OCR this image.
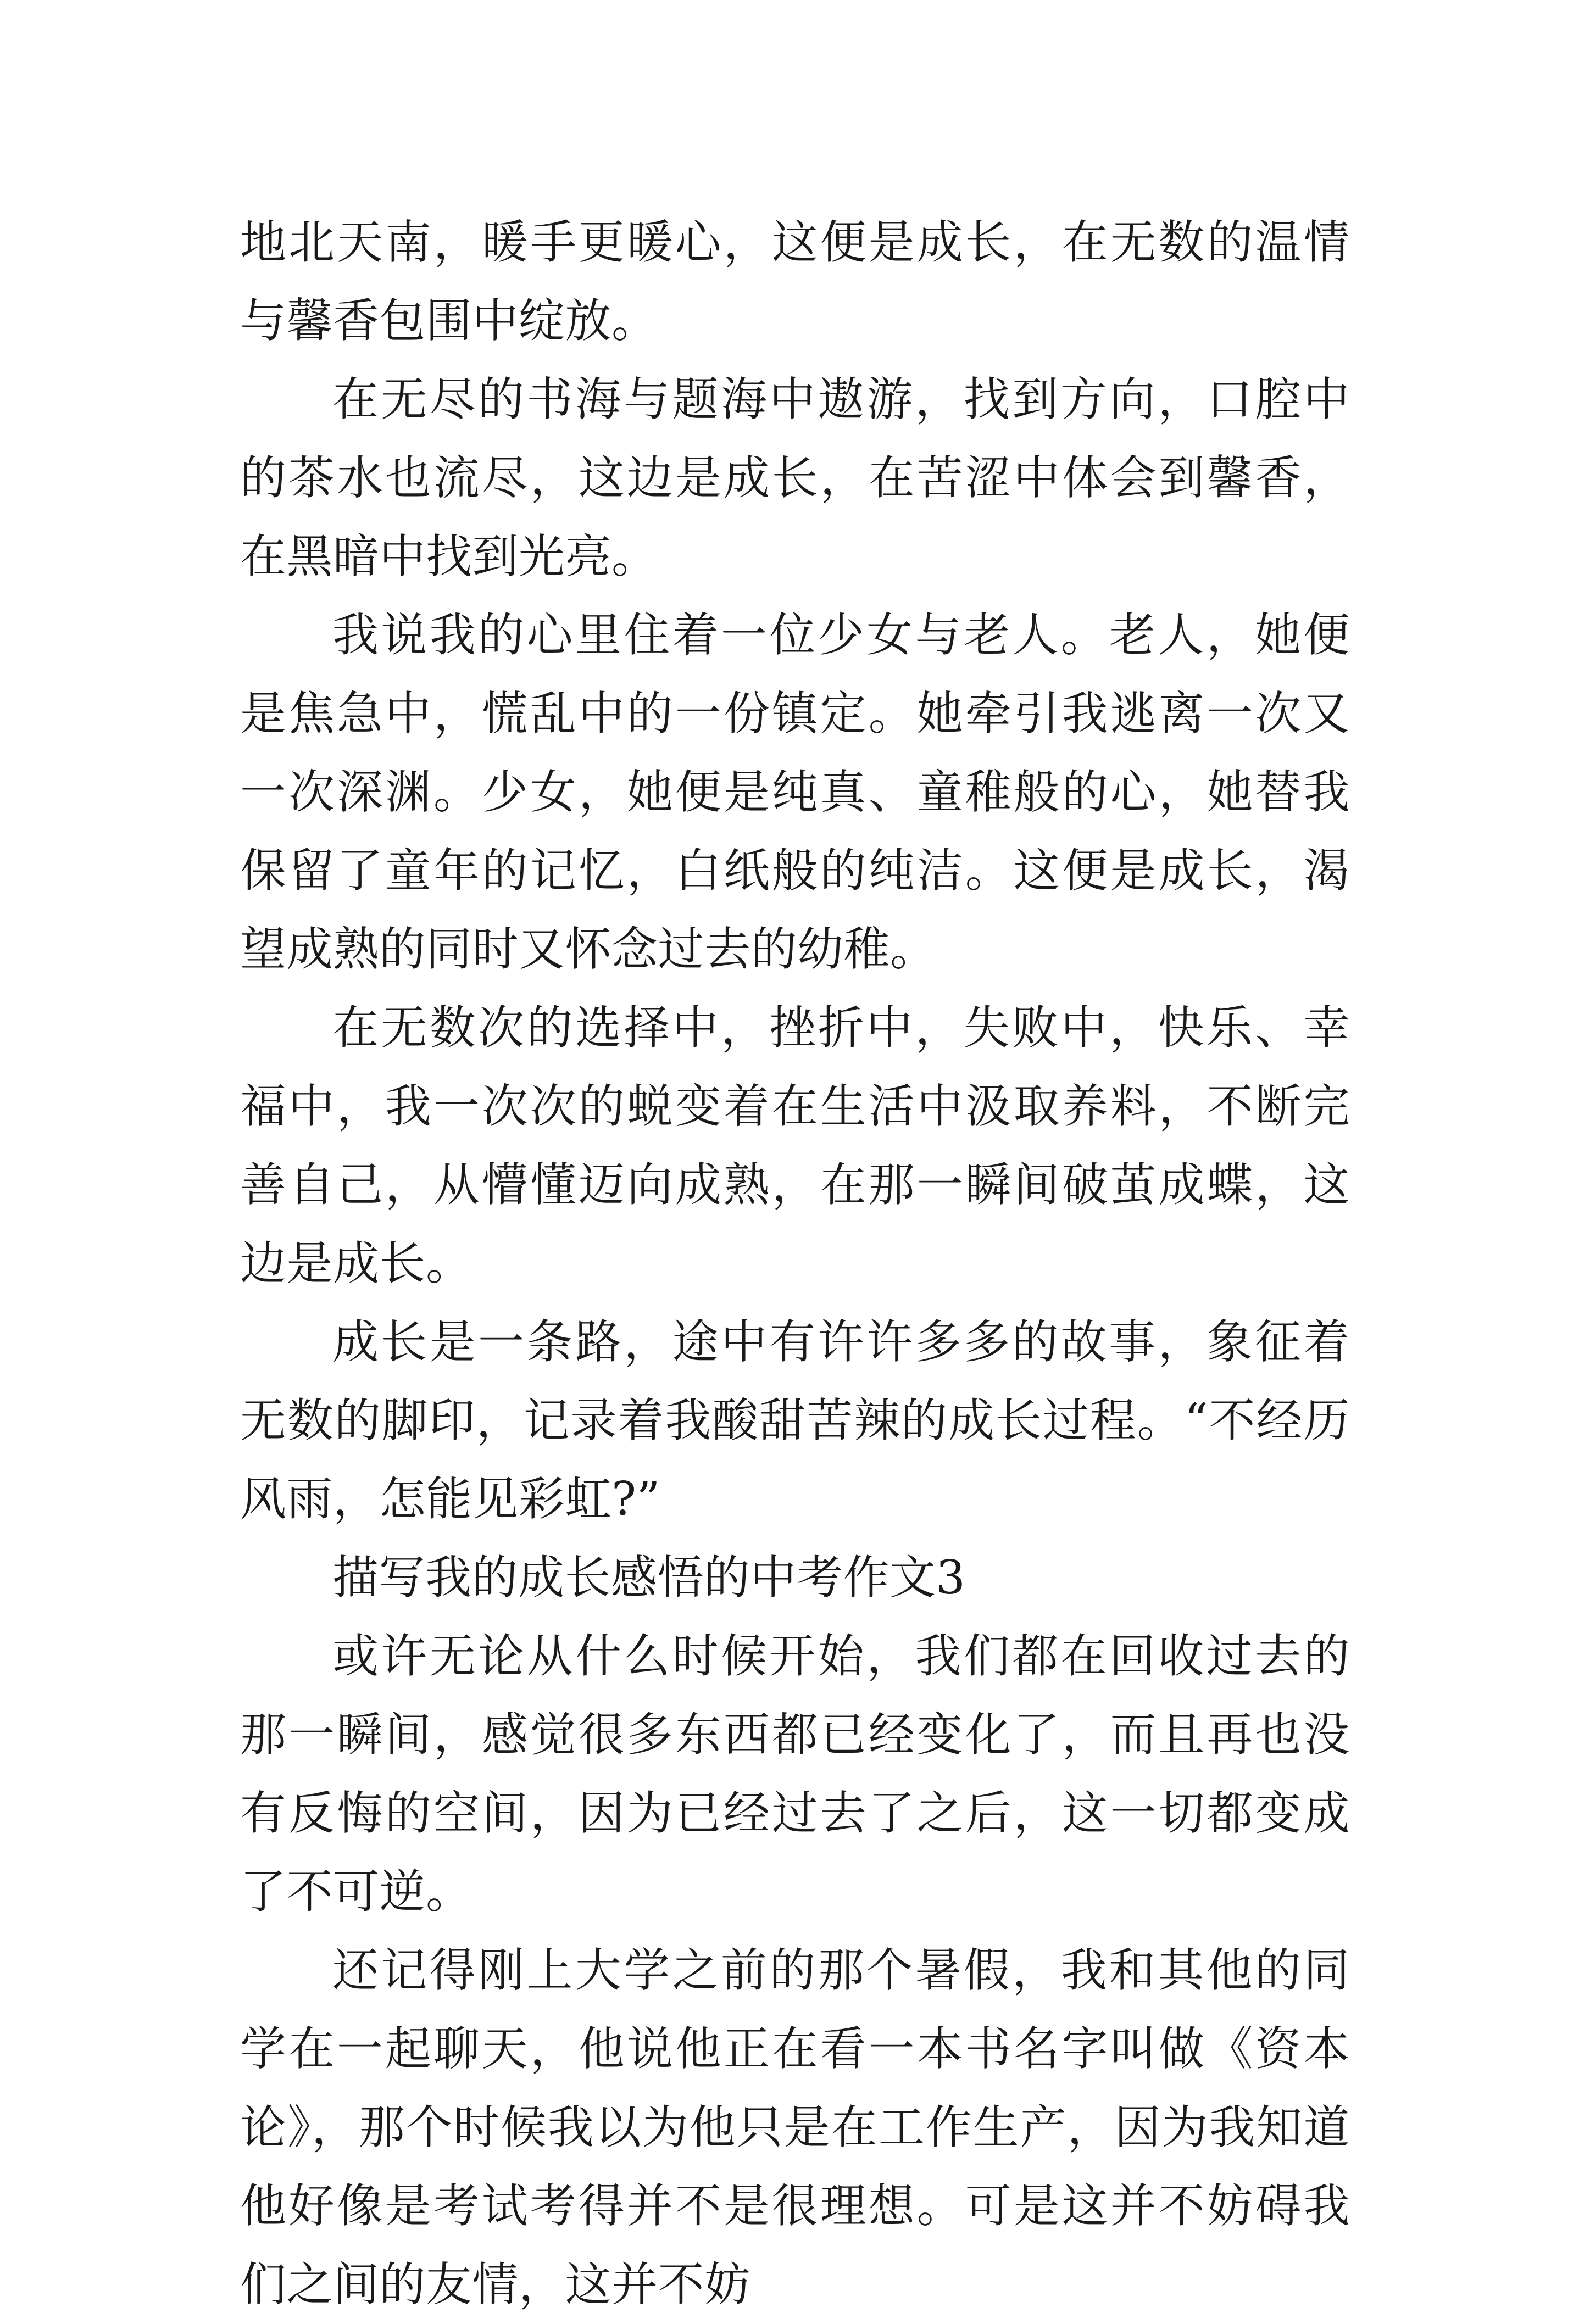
地北天南，暖手更暖心，这便是成长，在无数的温情与馨香包围中绽放。

在无尽的书海与题海中遨游，找到方向，口腔中的茶水也流尽，这边是成长，在苦涩中体会到馨香，在黑暗中找到光亮。

我说我的心里住着一位少女与老人。老人，她便是焦急中，慌乱中的一份镇定。她牵引我逃离一次又一次深渊。少女，她便是纯真、童稚般的心，她替我保留了童年的记忆，白纸般的纯洁。这便是成长，渴望成熟的同时又怀念过去的幼稚。

在无数次的选择中，挫折中，失败中，快乐、幸福中，我一次次的蜕变着在生活中汲取养料，不断完善自己，从懵懂迈向成熟，在那一瞬间破茧成蝶，这边是成长。

成长是一条路，途中有许许多多的故事，象征着无数的脚印，记录着我酸甜苦辣的成长过程。“不经历风雨，怎能见彩虹?”

描写我的成长感悟的中考作文3

或许无论从什么时候开始，我们都在回收过去的那一瞬间，感觉很多东西都已经变化了，而且再也没有反悔的空间，因为已经过去了之后，这一切都变成了不可逆。

还记得刚上大学之前的那个暑假，我和其他的同学在一起聊天，他说他正在看一本书名字叫做《资本论》，那个时候我以为他只是在工作生产，因为我知道他好像是考试考得并不是很理想。可是这并不妨碍我们之间的友情，这并不妨
